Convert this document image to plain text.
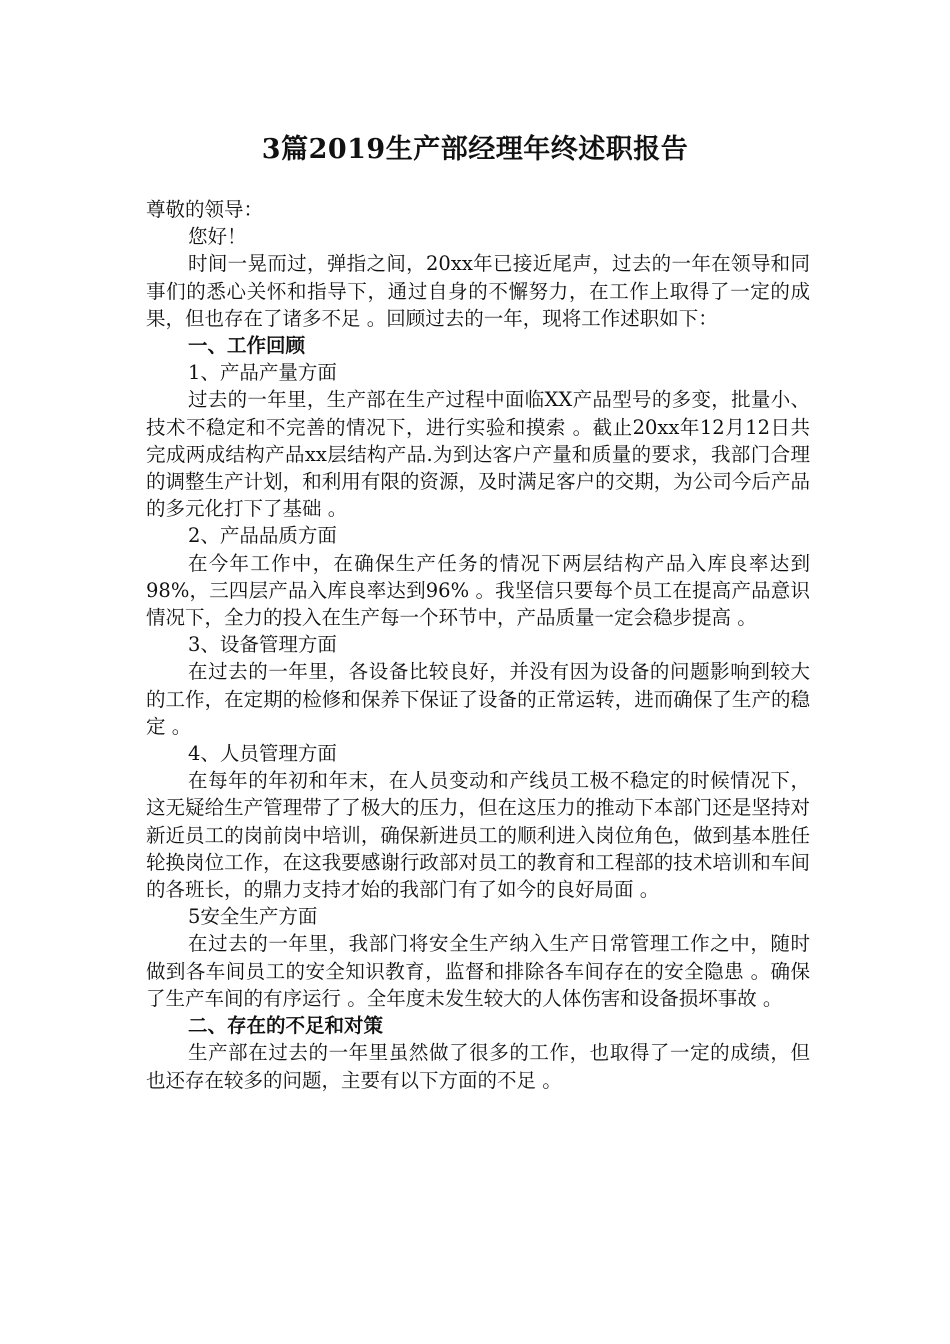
3篇2019生产部经理年终述职报告

尊敬的领导：

您好！

时间一晃而过，弹指之间，20xx年已接近尾声，过去的一年在领导和同事们的悉心关怀和指导下，通过自身的不懈努力，在工作上取得了一定的成果，但也存在了诸多不足 。回顾过去的一年，现将工作述职如下：

一、工作回顾

1、产品产量方面

过去的一年里，生产部在生产过程中面临XX产品型号的多变，批量小、技术不稳定和不完善的情况下，进行实验和摸索 。截止20xx年12月12日共完成两成结构产品xx层结构产品.为到达客户产量和质量的要求，我部门合理的调整生产计划，和利用有限的资源，及时满足客户的交期，为公司今后产品的多元化打下了基础 。

2、产品品质方面

在今年工作中，在确保生产任务的情况下两层结构产品入库良率达到98%，三四层产品入库良率达到96% 。我坚信只要每个员工在提高产品意识情况下，全力的投入在生产每一个环节中，产品质量一定会稳步提高 。

3、设备管理方面

在过去的一年里，各设备比较良好，并没有因为设备的问题影响到较大的工作，在定期的检修和保养下保证了设备的正常运转，进而确保了生产的稳定 。

4、人员管理方面

在每年的年初和年末，在人员变动和产线员工极不稳定的时候情况下，这无疑给生产管理带了了极大的压力，但在这压力的推动下本部门还是坚持对新近员工的岗前岗中培训，确保新进员工的顺利进入岗位角色，做到基本胜任轮换岗位工作，在这我要感谢行政部对员工的教育和工程部的技术培训和车间的各班长，的鼎力支持才始的我部门有了如今的良好局面 。

5安全生产方面

在过去的一年里，我部门将安全生产纳入生产日常管理工作之中，随时做到各车间员工的安全知识教育，监督和排除各车间存在的安全隐患 。确保了生产车间的有序运行 。全年度未发生较大的人体伤害和设备损坏事故 。

二、存在的不足和对策

生产部在过去的一年里虽然做了很多的工作，也取得了一定的成绩，但也还存在较多的问题，主要有以下方面的不足 。
